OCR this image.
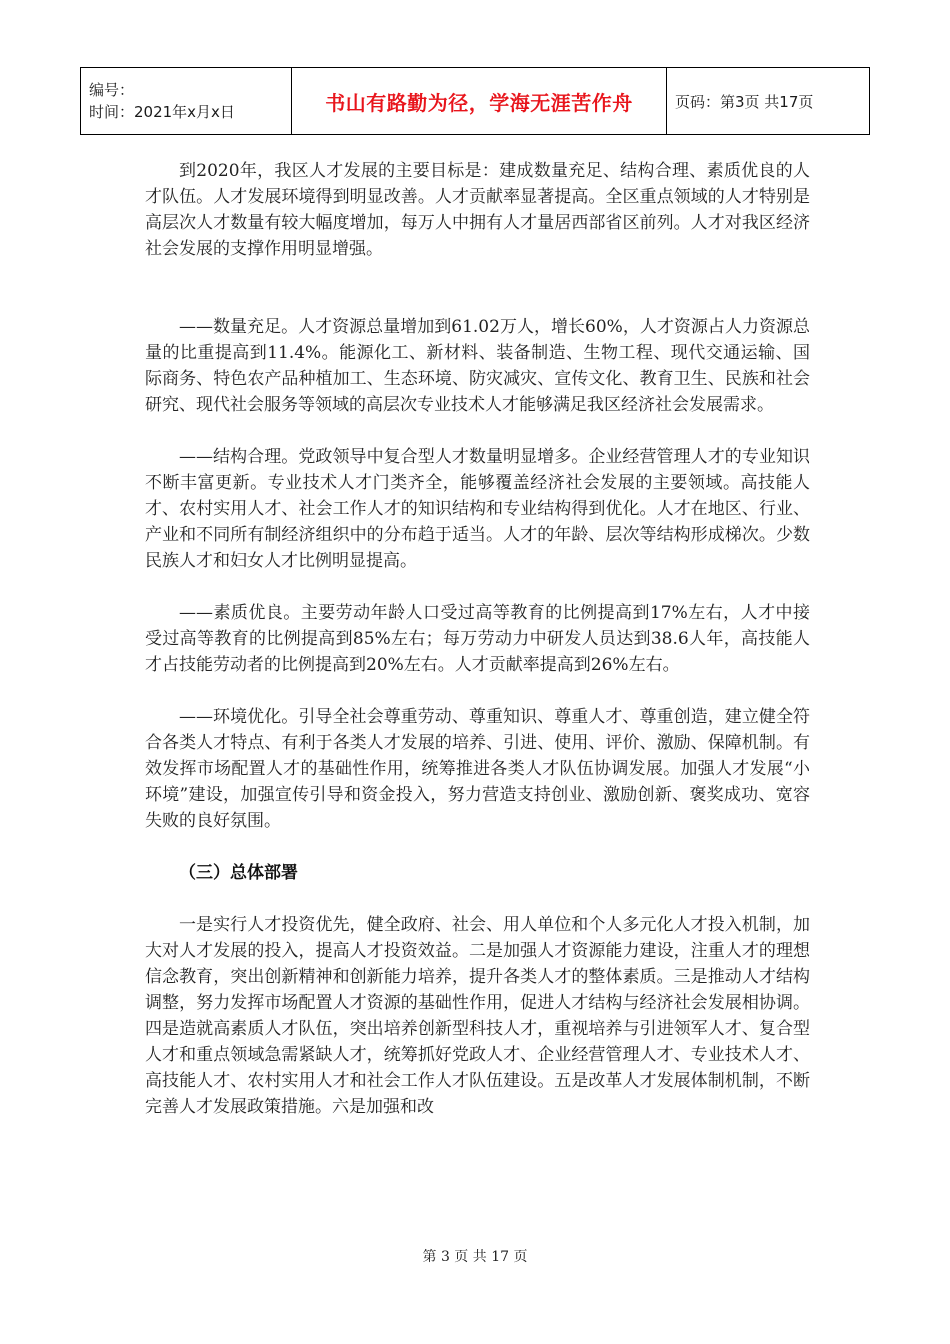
编号：
时间：2021年x月x日	书山有路勤为径，学海无涯苦作舟	页码：第3页 共17页

到2020年，我区人才发展的主要目标是：建成数量充足、结构合理、素质优良的人才队伍。人才发展环境得到明显改善。人才贡献率显著提高。全区重点领域的人才特别是高层次人才数量有较大幅度增加，每万人中拥有人才量居西部省区前列。人才对我区经济社会发展的支撑作用明显增强。

——数量充足。人才资源总量增加到61.02万人，增长60%，人才资源占人力资源总量的比重提高到11.4%。能源化工、新材料、装备制造、生物工程、现代交通运输、国际商务、特色农产品种植加工、生态环境、防灾减灾、宣传文化、教育卫生、民族和社会研究、现代社会服务等领域的高层次专业技术人才能够满足我区经济社会发展需求。

——结构合理。党政领导中复合型人才数量明显增多。企业经营管理人才的专业知识不断丰富更新。专业技术人才门类齐全，能够覆盖经济社会发展的主要领域。高技能人才、农村实用人才、社会工作人才的知识结构和专业结构得到优化。人才在地区、行业、产业和不同所有制经济组织中的分布趋于适当。人才的年龄、层次等结构形成梯次。少数民族人才和妇女人才比例明显提高。

——素质优良。主要劳动年龄人口受过高等教育的比例提高到17%左右，人才中接受过高等教育的比例提高到85%左右；每万劳动力中研发人员达到38.6人年，高技能人才占技能劳动者的比例提高到20%左右。人才贡献率提高到26%左右。

——环境优化。引导全社会尊重劳动、尊重知识、尊重人才、尊重创造，建立健全符合各类人才特点、有利于各类人才发展的培养、引进、使用、评价、激励、保障机制。有效发挥市场配置人才的基础性作用，统筹推进各类人才队伍协调发展。加强人才发展“小环境”建设，加强宣传引导和资金投入，努力营造支持创业、激励创新、褒奖成功、宽容失败的良好氛围。

（三）总体部署

一是实行人才投资优先，健全政府、社会、用人单位和个人多元化人才投入机制，加大对人才发展的投入，提高人才投资效益。二是加强人才资源能力建设，注重人才的理想信念教育，突出创新精神和创新能力培养，提升各类人才的整体素质。三是推动人才结构调整，努力发挥市场配置人才资源的基础性作用，促进人才结构与经济社会发展相协调。四是造就高素质人才队伍，突出培养创新型科技人才，重视培养与引进领军人才、复合型人才和重点领域急需紧缺人才，统筹抓好党政人才、企业经营管理人才、专业技术人才、高技能人才、农村实用人才和社会工作人才队伍建设。五是改革人才发展体制机制，不断完善人才发展政策措施。六是加强和改

第 3 页 共 17 页
